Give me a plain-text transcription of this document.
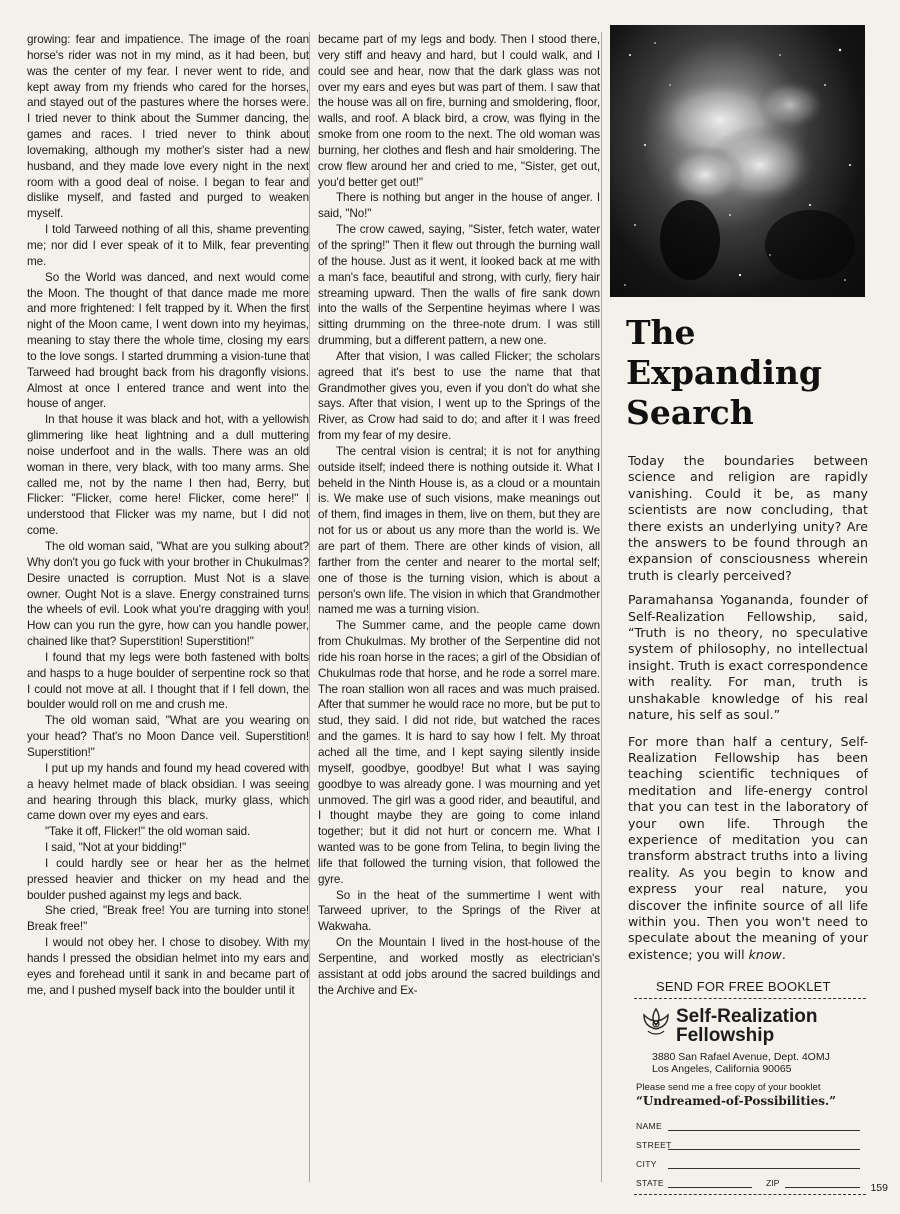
growing: fear and impatience. The image of the roan horse's rider was not in my mind, as it had been, but was the center of my fear. I never went to ride, and kept away from my friends who cared for the horses, and stayed out of the pastures where the horses were. I tried never to think about the Summer dancing, the games and races. I tried never to think about lovemaking, although my mother's sister had a new husband, and they made love every night in the next room with a good deal of noise. I began to fear and dislike myself, and fasted and purged to weaken myself.

I told Tarweed nothing of all this, shame preventing me; nor did I ever speak of it to Milk, fear preventing me.

So the World was danced, and next would come the Moon. The thought of that dance made me more and more frightened: I felt trapped by it. When the first night of the Moon came, I went down into my heyimas, meaning to stay there the whole time, closing my ears to the love songs. I started drumming a vision-tune that Tarweed had brought back from his dragonfly visions. Almost at once I entered trance and went into the house of anger.

In that house it was black and hot, with a yellowish glimmering like heat lightning and a dull muttering noise underfoot and in the walls. There was an old woman in there, very black, with too many arms. She called me, not by the name I then had, Berry, but Flicker: "Flicker, come here! Flicker, come here!" I understood that Flicker was my name, but I did not come.

The old woman said, "What are you sulking about? Why don't you go fuck with your brother in Chukulmas? Desire unacted is corruption. Must Not is a slave owner. Ought Not is a slave. Energy constrained turns the wheels of evil. Look what you're dragging with you! How can you run the gyre, how can you handle power, chained like that? Superstition! Superstition!"

I found that my legs were both fastened with bolts and hasps to a huge boulder of serpentine rock so that I could not move at all. I thought that if I fell down, the boulder would roll on me and crush me.

The old woman said, "What are you wearing on your head? That's no Moon Dance veil. Superstition! Superstition!"

I put up my hands and found my head covered with a heavy helmet made of black obsidian. I was seeing and hearing through this black, murky glass, which came down over my eyes and ears.

"Take it off, Flicker!" the old woman said.

I said, "Not at your bidding!"

I could hardly see or hear her as the helmet pressed heavier and thicker on my head and the boulder pushed against my legs and back.

She cried, "Break free! You are turning into stone! Break free!"

I would not obey her. I chose to disobey. With my hands I pressed the obsidian helmet into my ears and eyes and forehead until it sank in and became part of me, and I pushed myself back into the boulder until it

became part of my legs and body. Then I stood there, very stiff and heavy and hard, but I could walk, and I could see and hear, now that the dark glass was not over my ears and eyes but was part of them. I saw that the house was all on fire, burning and smoldering, floor, walls, and roof. A black bird, a crow, was flying in the smoke from one room to the next. The old woman was burning, her clothes and flesh and hair smoldering. The crow flew around her and cried to me, "Sister, get out, you'd better get out!"

There is nothing but anger in the house of anger. I said, "No!"

The crow cawed, saying, "Sister, fetch water, water of the spring!" Then it flew out through the burning wall of the house. Just as it went, it looked back at me with a man's face, beautiful and strong, with curly, fiery hair streaming upward. Then the walls of fire sank down into the walls of the Serpentine heyimas where I was sitting drumming on the three-note drum. I was still drumming, but a different pattern, a new one.

After that vision, I was called Flicker; the scholars agreed that it's best to use the name that that Grandmother gives you, even if you don't do what she says. After that vision, I went up to the Springs of the River, as Crow had said to do; and after it I was freed from my fear of my desire.

The central vision is central; it is not for anything outside itself; indeed there is nothing outside it. What I beheld in the Ninth House is, as a cloud or a mountain is. We make use of such visions, make meanings out of them, find images in them, live on them, but they are not for us or about us any more than the world is. We are part of them. There are other kinds of vision, all farther from the center and nearer to the mortal self; one of those is the turning vision, which is about a person's own life. The vision in which that Grandmother named me was a turning vision.

The Summer came, and the people came down from Chukulmas. My brother of the Serpentine did not ride his roan horse in the races; a girl of the Obsidian of Chukulmas rode that horse, and he rode a sorrel mare. The roan stallion won all races and was much praised. After that summer he would race no more, but be put to stud, they said. I did not ride, but watched the races and the games. It is hard to say how I felt. My throat ached all the time, and I kept saying silently inside myself, goodbye, goodbye! But what I was saying goodbye to was already gone. I was mourning and yet unmoved. The girl was a good rider, and beautiful, and I thought maybe they are going to come inland together; but it did not hurt or concern me. What I wanted was to be gone from Telina, to begin living the life that followed the turning vision, that followed the gyre.

So in the heat of the summertime I went with Tarweed upriver, to the Springs of the River at Wakwaha.

On the Mountain I lived in the host-house of the Serpentine, and worked mostly as electrician's assistant at odd jobs around the sacred buildings and the Archive and Ex-

The
Expanding
Search

Today the boundaries between science and religion are rapidly vanishing. Could it be, as many scientists are now concluding, that there exists an underlying unity? Are the answers to be found through an expansion of consciousness wherein truth is clearly perceived?

Paramahansa Yogananda, founder of Self-Realization Fellowship, said, “Truth is no theory, no speculative system of philosophy, no intellectual insight. Truth is exact correspondence with reality. For man, truth is unshakable knowledge of his real nature, his self as soul.”

For more than half a century, Self-Realization Fellowship has been teaching scientific techniques of meditation and life-energy control that you can test in the laboratory of your own life. Through the experience of meditation you can transform abstract truths into a living reality. As you begin to know and express your real nature, you discover the infinite source of all life within you. Then you won't need to speculate about the meaning of your existence; you will know.

SEND FOR FREE BOOKLET
Self-Realization
Fellowship
3880 San Rafael Avenue, Dept. 4OMJ
Los Angeles, California 90065
Please send me a free copy of your booklet
“Undreamed-of-Possibilities.”
NAME
STREET
CITY
STATE	ZIP	159
